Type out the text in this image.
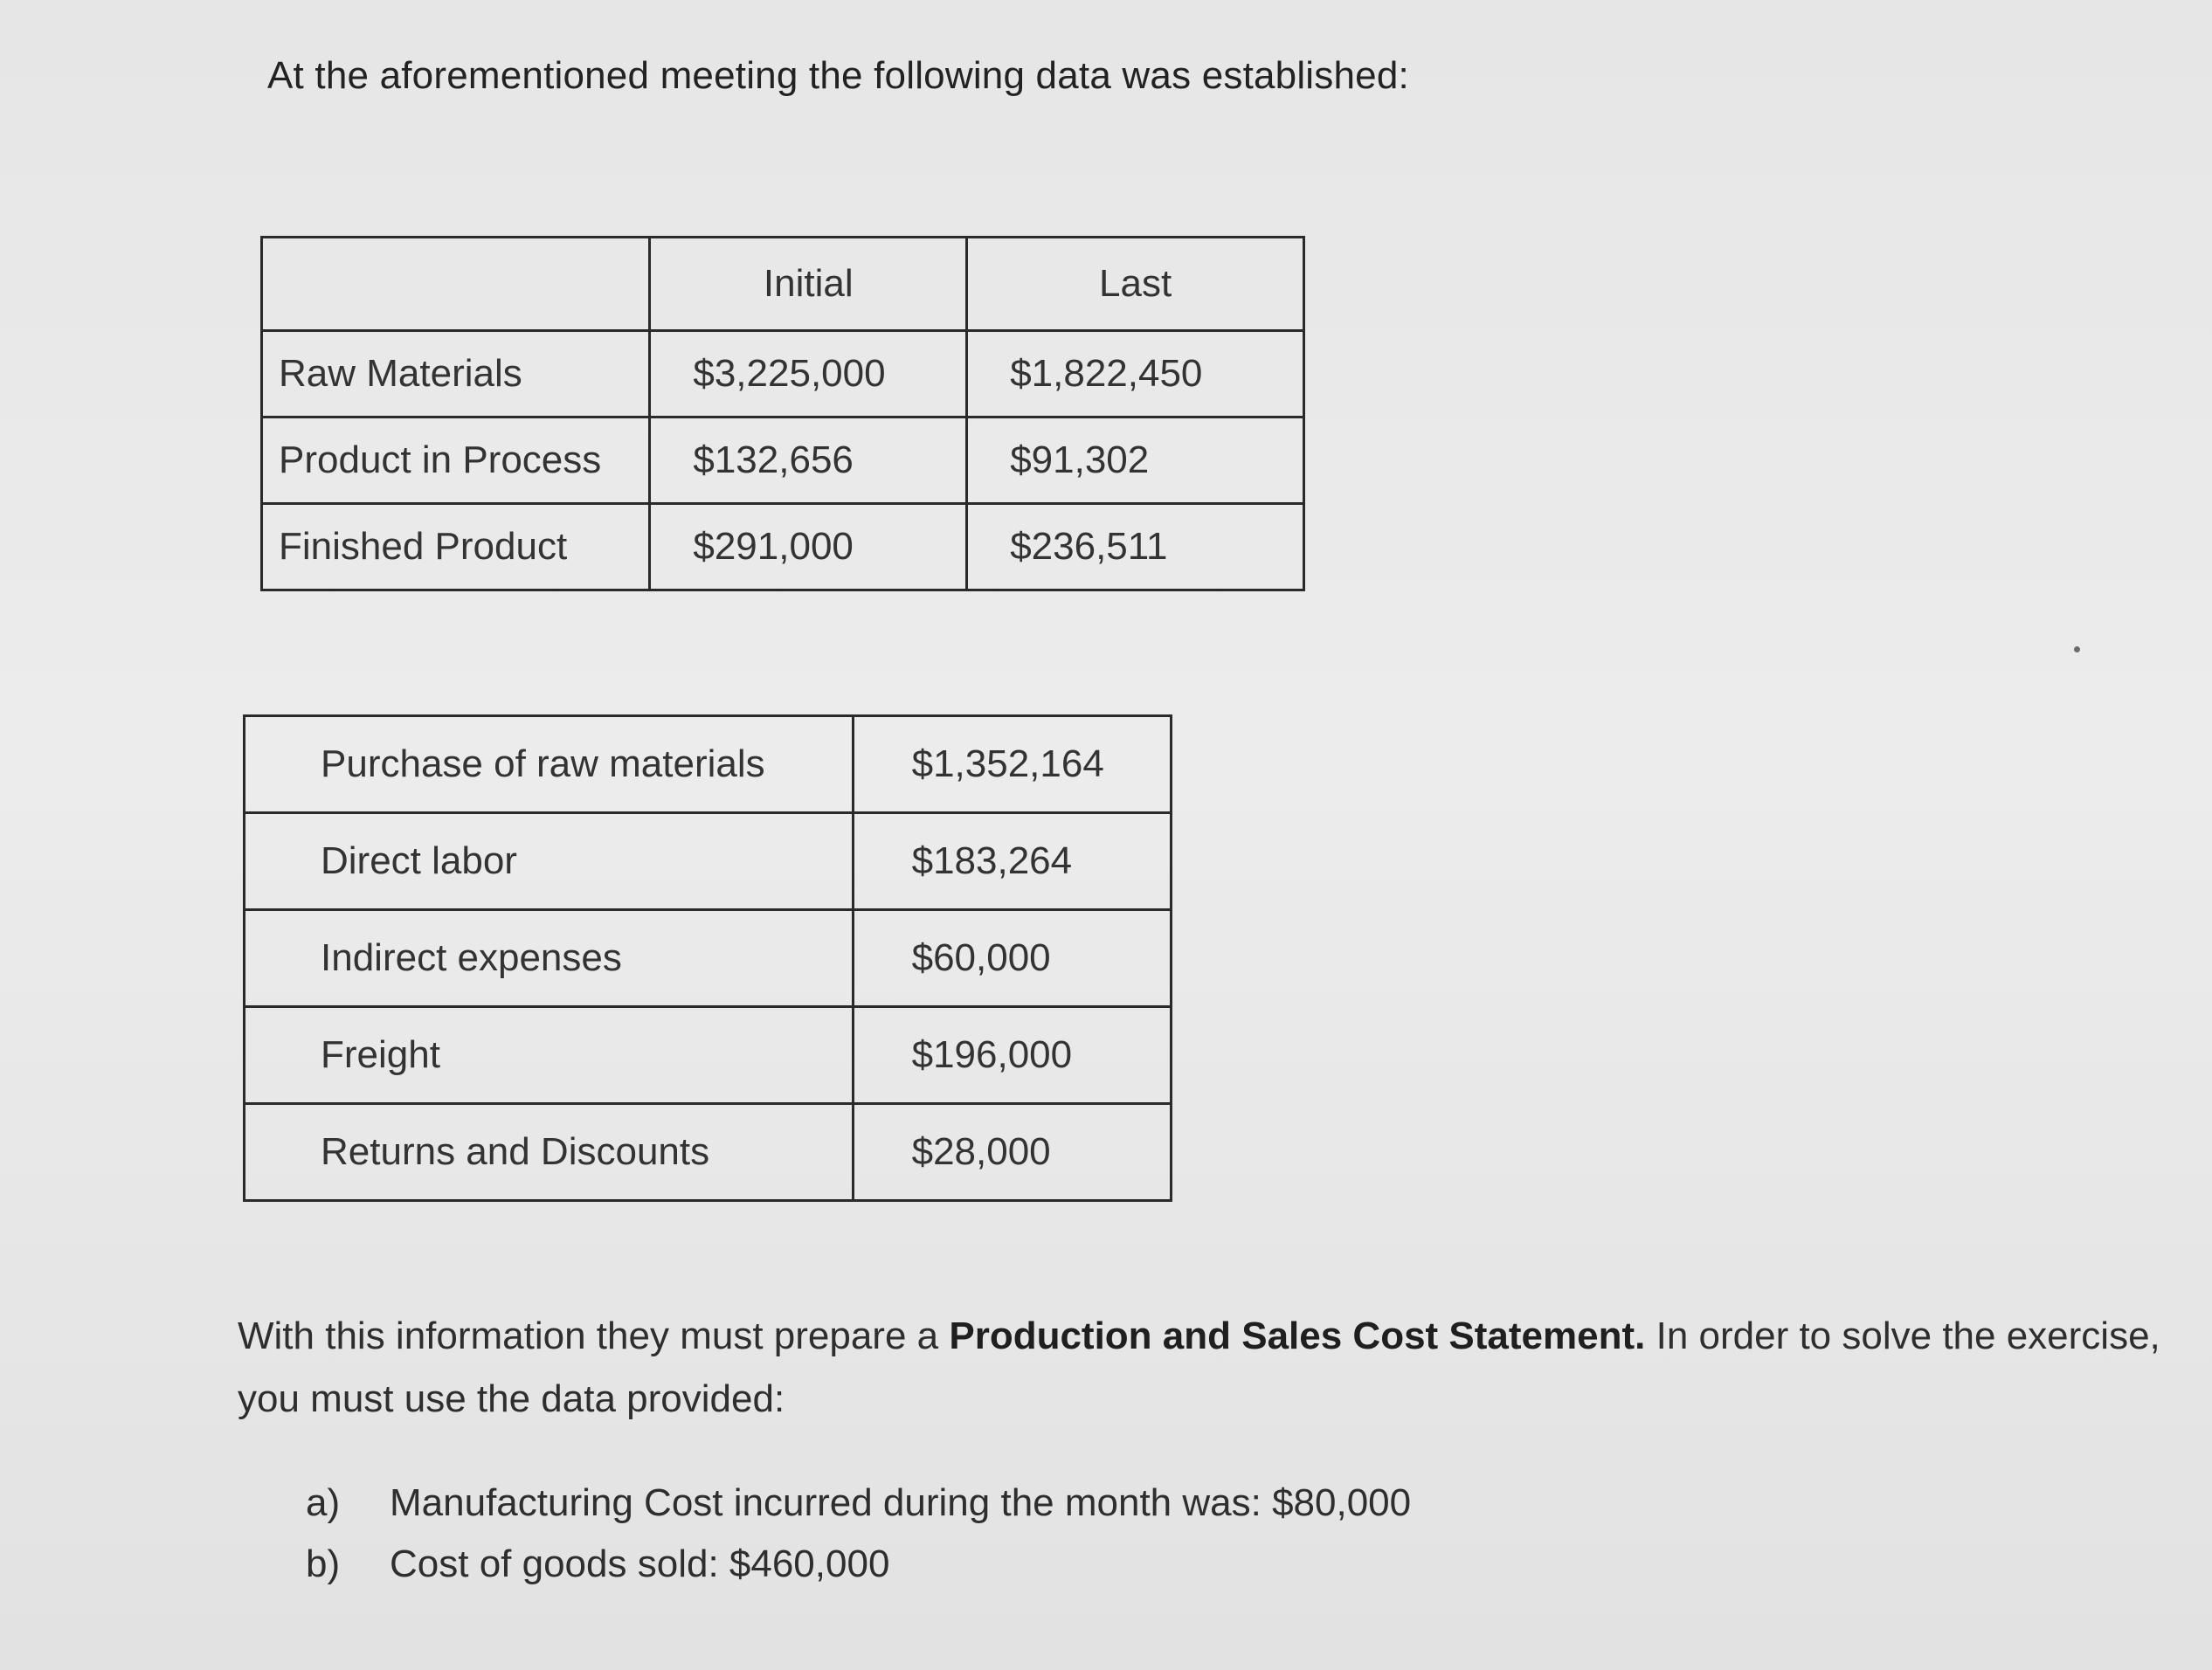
At the aforementioned meeting the following data was established:

	Initial	Last
Raw Materials	$3,225,000	$1,822,450
Product in Process	$132,656	$91,302
Finished Product	$291,000	$236,511
Purchase of raw materials	$1,352,164
Direct labor	$183,264
Indirect expenses	$60,000
Freight	$196,000
Returns and Discounts	$28,000

With this information they must prepare a Production and Sales Cost Statement. In order to solve the exercise, you must use the data provided:

a)	Manufacturing Cost incurred during the month was: $80,000
b)	Cost of goods sold: $460,000
